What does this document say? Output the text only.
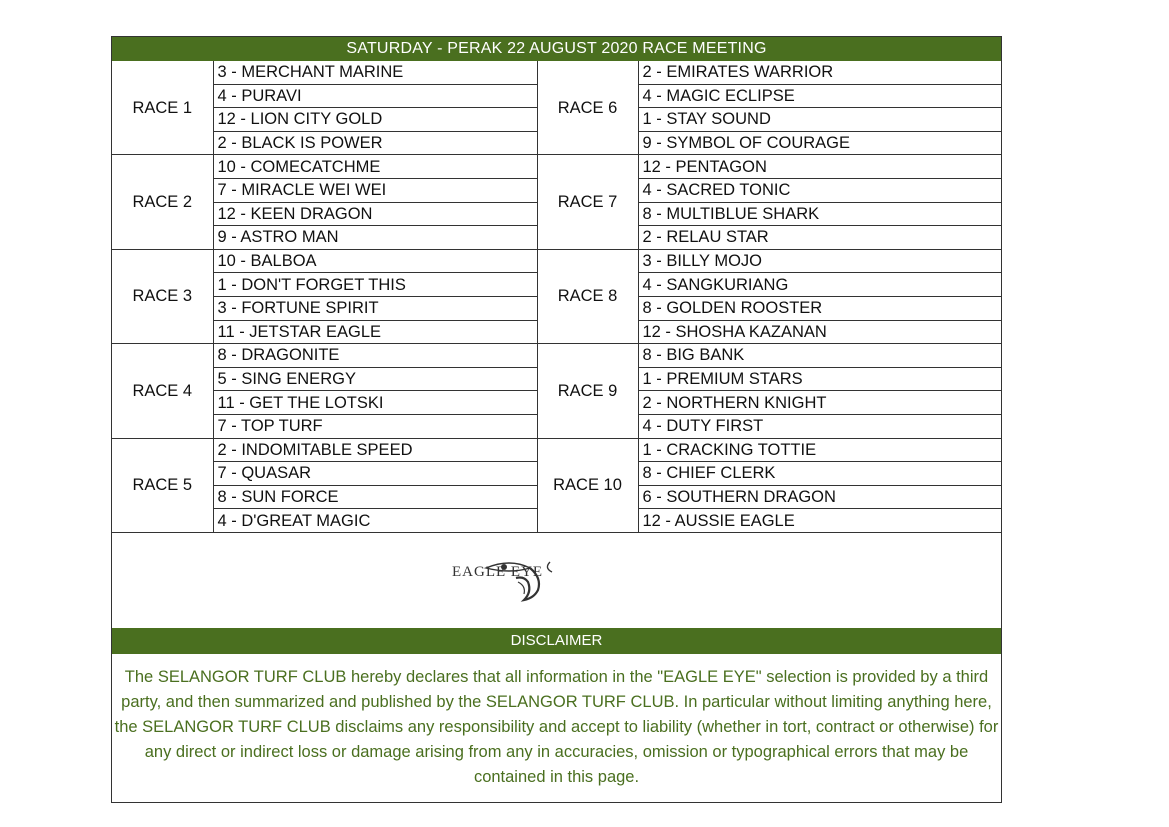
SATURDAY - PERAK 22 AUGUST 2020 RACE MEETING
RACE 1	3 - MERCHANT MARINE	RACE 6	2 - EMIRATES WARRIOR
	4 - PURAVI		4 - MAGIC ECLIPSE
	12 - LION CITY GOLD		1 - STAY SOUND
	2 - BLACK IS POWER		9 - SYMBOL OF COURAGE
RACE 2	10 - COMECATCHME	RACE 7	12 - PENTAGON
	7 - MIRACLE WEI WEI		4 - SACRED TONIC
	12 - KEEN DRAGON		8 - MULTIBLUE SHARK
	9 - ASTRO MAN		2 - RELAU STAR
RACE 3	10 - BALBOA	RACE 8	3 - BILLY MOJO
	1 - DON'T FORGET THIS		4 - SANGKURIANG
	3 - FORTUNE SPIRIT		8 - GOLDEN ROOSTER
	11 - JETSTAR EAGLE		12 - SHOSHA KAZANAN
RACE 4	8 - DRAGONITE	RACE 9	8 - BIG BANK
	5 - SING ENERGY		1 - PREMIUM STARS
	11 - GET THE LOTSKI		2 - NORTHERN KNIGHT
	7 - TOP TURF		4 - DUTY FIRST
RACE 5	2 - INDOMITABLE SPEED	RACE 10	1 - CRACKING TOTTIE
	7 - QUASAR		8 - CHIEF CLERK
	8 - SUN FORCE		6 - SOUTHERN DRAGON
	4 - D'GREAT MAGIC		12 - AUSSIE EAGLE
EAGLE EYE
DISCLAIMER
The SELANGOR TURF CLUB hereby declares that all information in the "EAGLE EYE" selection is provided by a third party, and then summarized and published by the SELANGOR TURF CLUB. In particular without limiting anything here, the SELANGOR TURF CLUB disclaims any responsibility and accept to liability (whether in tort, contract or otherwise) for any direct or indirect loss or damage arising from any in accuracies, omission or typographical errors that may be contained in this page.
